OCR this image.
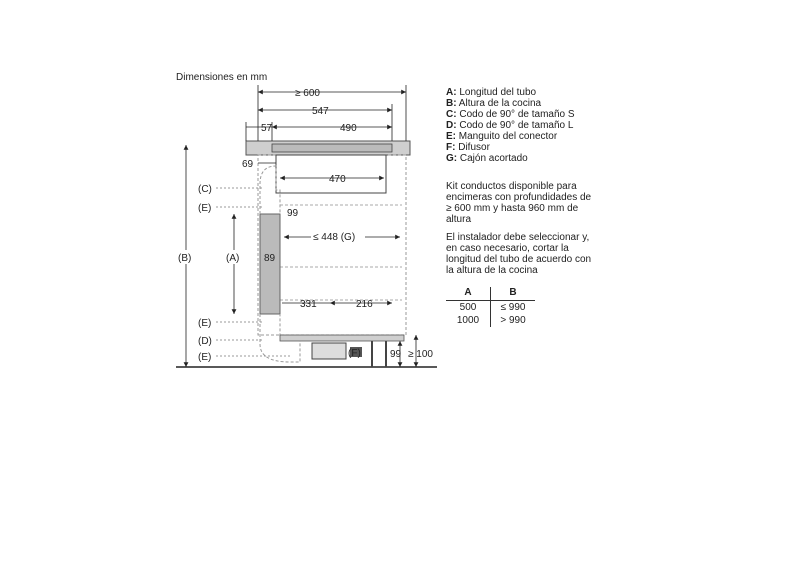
Dimensiones en mm
≥ 600
547
57	490
69
470
99
≤ 448 (G)
89
331	216
99 ≥ 100
(B)	(A)
(C)
(E)
(E)
(D)
(E)	(F)
A: Longitud del tubo
B: Altura de la cocina
C: Codo de 90° de tamaño S
D: Codo de 90° de tamaño L
E: Manguito del conector
F: Difusor
G: Cajón acortado
Kit conductos disponible para encimeras con profundidades de ≥ 600 mm y hasta 960 mm de altura
El instalador debe seleccionar y, en caso necesario, cortar la longitud del tubo de acuerdo con la altura de la cocina
A	B
500	≤ 990
1000	> 990
